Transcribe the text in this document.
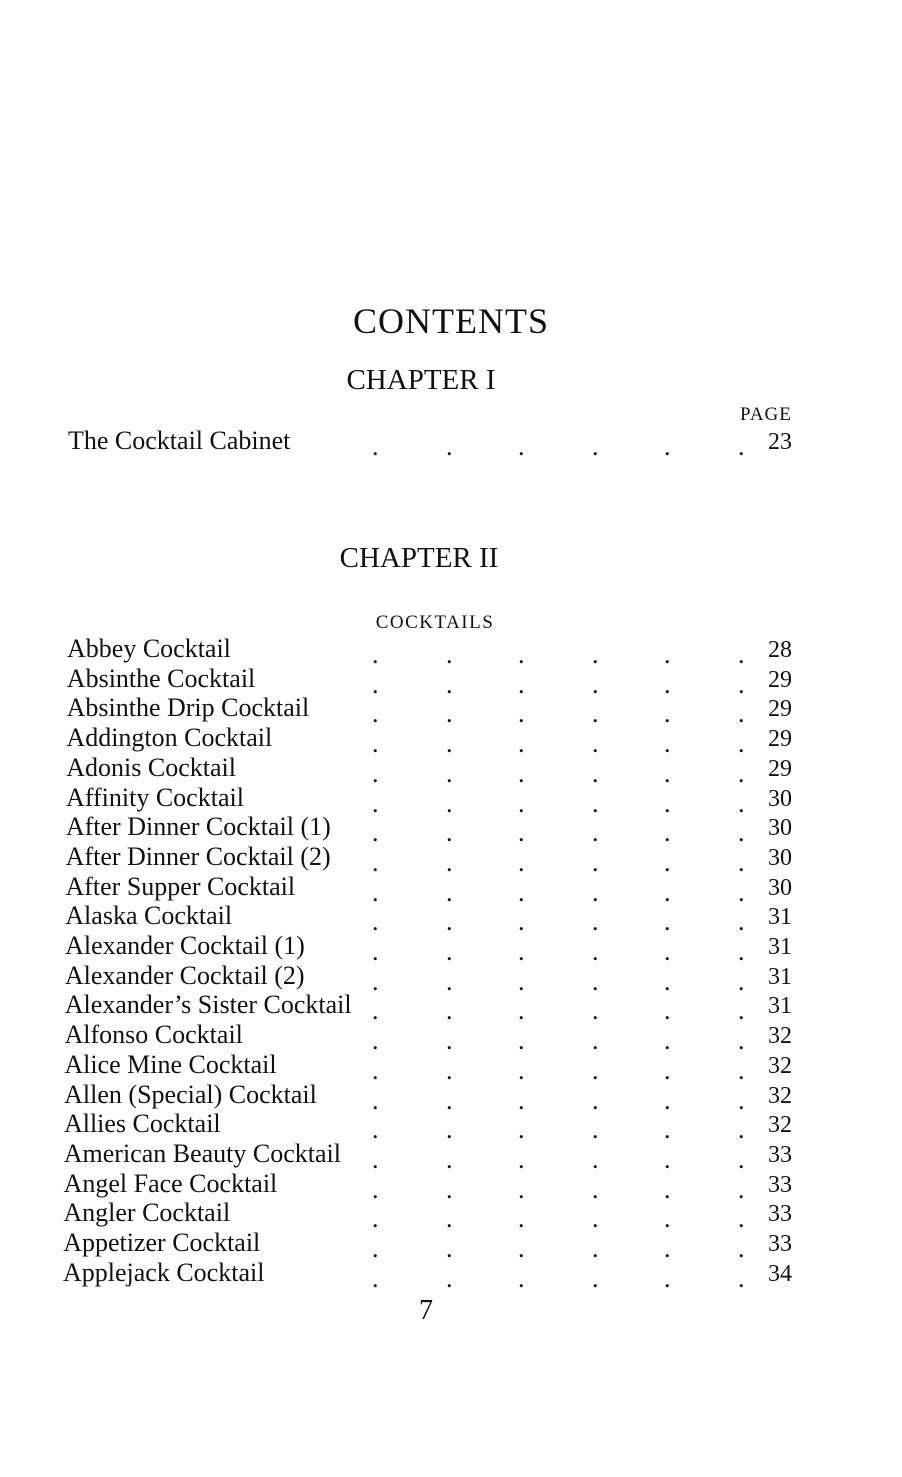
CONTENTS
CHAPTER I
PAGE
.	.	.	.	.	.
The Cocktail Cabinet	23
CHAPTER II
COCKTAILS
.	.	.	.	.	.
Abbey Cocktail	28
.	.	.	.	.	.
Absinthe Cocktail	29
.	.	.	.	.	.
Absinthe Drip Cocktail	29
.	.	.	.	.	.
Addington Cocktail	29
.	.	.	.	.	.
Adonis Cocktail	29
.	.	.	.	.	.
Affinity Cocktail	30
.	.	.	.	.	.
After Dinner Cocktail (1)	30
.	.	.	.	.	.
After Dinner Cocktail (2)	30
.	.	.	.	.	.
After Supper Cocktail	30
.	.	.	.	.	.
Alaska Cocktail	31
.	.	.	.	.	.
Alexander Cocktail (1)	31
.	.	.	.	.	.
Alexander Cocktail (2)	31
.	.	.	.	.	.
Alexander’s Sister Cocktail	31
.	.	.	.	.	.
Alfonso Cocktail	32
.	.	.	.	.	.
Alice Mine Cocktail	32
.	.	.	.	.	.
Allen (Special) Cocktail	32
.	.	.	.	.	.
Allies Cocktail	32
.	.	.	.	.	.
American Beauty Cocktail	33
.	.	.	.	.	.
Angel Face Cocktail	33
.	.	.	.	.	.
Angler Cocktail	33
.	.	.	.	.	.
Appetizer Cocktail	33
.	.	.	.	.	.
Applejack Cocktail	34
7
